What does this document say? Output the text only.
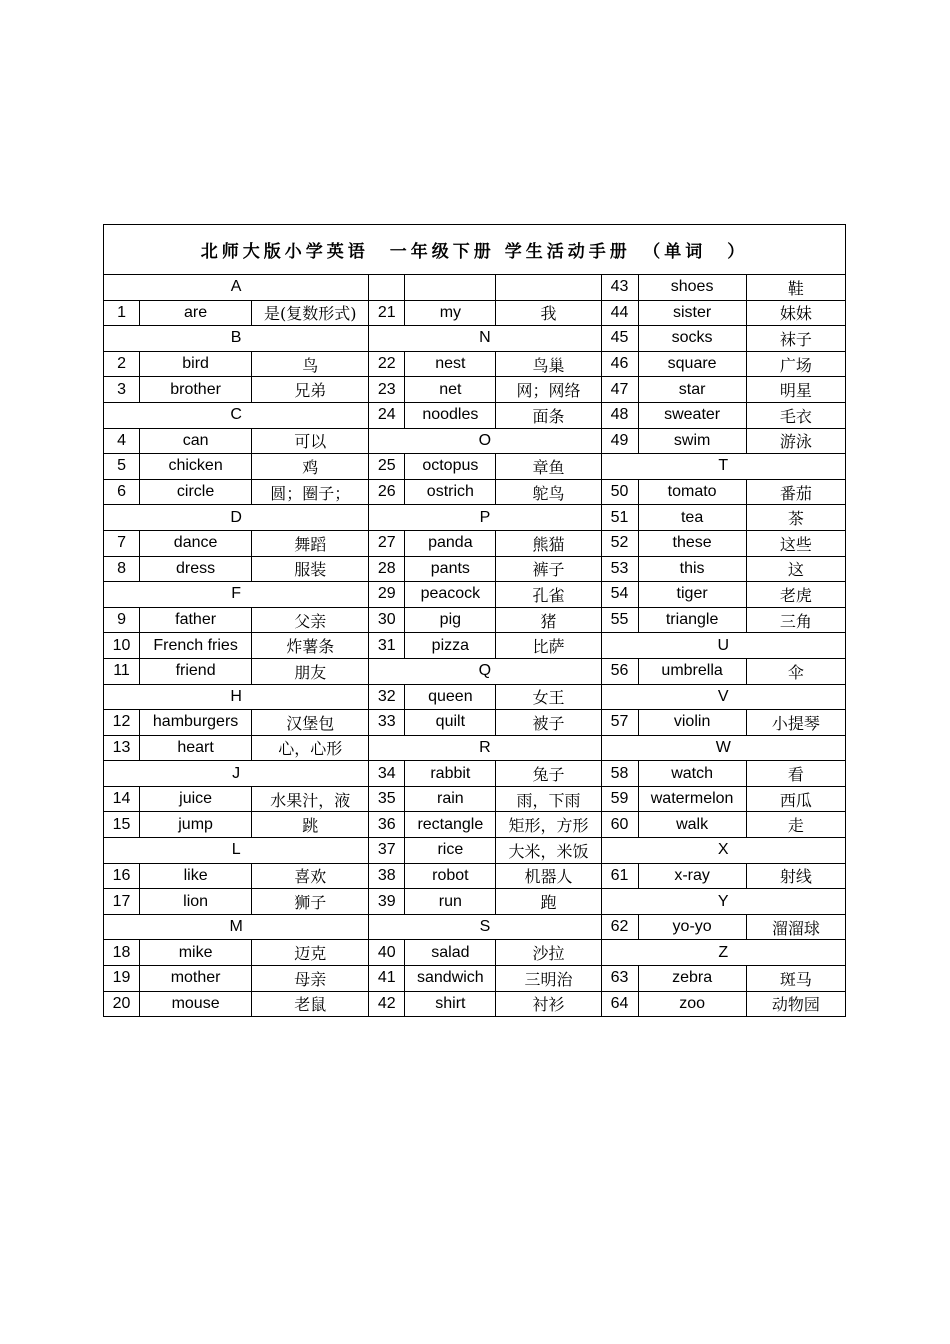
北师大版小学英语　一年级下册 学生活动手册　（单词　）								
A						43	shoes	鞋
1	are	是(复数形式)	21	my	我	44	sister	妹妹
B			N			45	socks	袜子
2	bird	鸟	22	nest	鸟巢	46	square	广场
3	brother	兄弟	23	net	网；网络	47	star	明星
C			24	noodles	面条	48	sweater	毛衣
4	can	可以	O			49	swim	游泳
5	chicken	鸡	25	octopus	章鱼	T		
6	circle	圆；圈子；	26	ostrich	鸵鸟	50	tomato	番茄
D			P			51	tea	茶
7	dance	舞蹈	27	panda	熊猫	52	these	这些
8	dress	服装	28	pants	裤子	53	this	这
F			29	peacock	孔雀	54	tiger	老虎
9	father	父亲	30	pig	猪	55	triangle	三角
10	French fries	炸薯条	31	pizza	比萨	U		
11	friend	朋友	Q			56	umbrella	伞
H			32	queen	女王	V		
12	hamburgers	汉堡包	33	quilt	被子	57	violin	小提琴
13	heart	心，心形	R			W		
J			34	rabbit	兔子	58	watch	看
14	juice	水果汁，液	35	rain	雨，下雨	59	watermelon	西瓜
15	jump	跳	36	rectangle	矩形，方形	60	walk	走
L			37	rice	大米，米饭	X		
16	like	喜欢	38	robot	机器人	61	x-ray	射线
17	lion	狮子	39	run	跑	Y		
M			S			62	yo-yo	溜溜球
18	mike	迈克	40	salad	沙拉	Z		
19	mother	母亲	41	sandwich	三明治	63	zebra	斑马
20	mouse	老鼠	42	shirt	衬衫	64	zoo	动物园
